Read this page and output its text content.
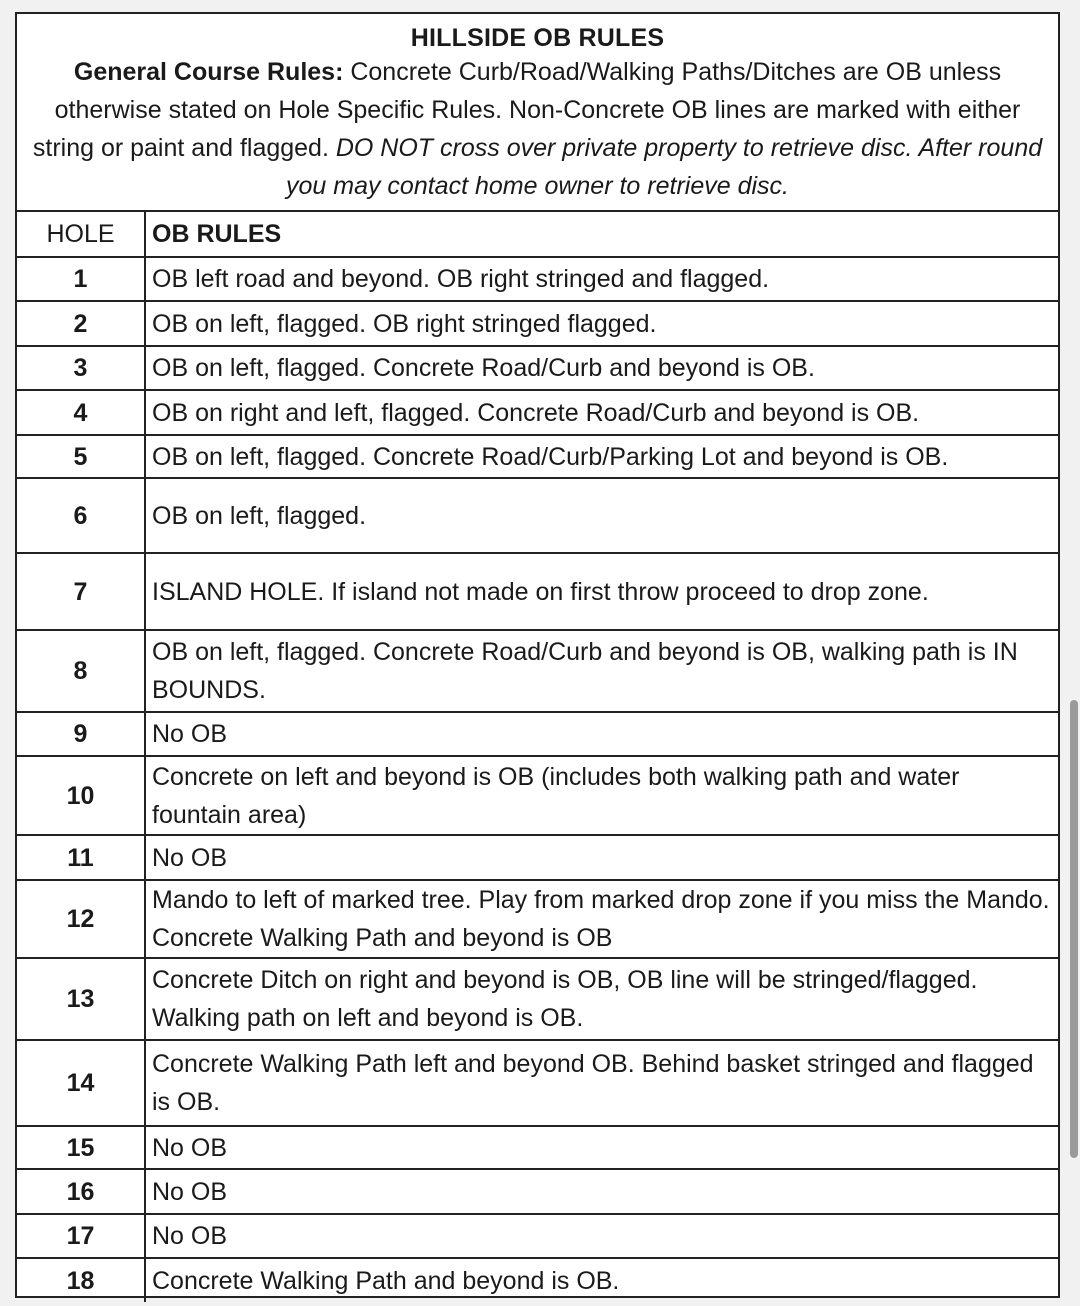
HILLSIDE OB RULES
General Course Rules: Concrete Curb/Road/Walking Paths/Ditches are OB unless otherwise stated on Hole Specific Rules. Non-Concrete OB lines are marked with either string or paint and flagged. DO NOT cross over private property to retrieve disc. After round you may contact home owner to retrieve disc.
HOLE	OB RULES
1	OB left road and beyond. OB right stringed and flagged.
2	OB on left, flagged. OB right stringed flagged.
3	OB on left, flagged. Concrete Road/Curb and beyond is OB.
4	OB on right and left, flagged. Concrete Road/Curb and beyond is OB.
5	OB on left, flagged. Concrete Road/Curb/Parking Lot and beyond is OB.
6	OB on left, flagged.
7	ISLAND HOLE. If island not made on first throw proceed to drop zone.
8	OB on left, flagged. Concrete Road/Curb and beyond is OB, walking path is IN BOUNDS.
9	No OB
10	Concrete on left and beyond is OB (includes both walking path and water fountain area)
11	No OB
12	Mando to left of marked tree. Play from marked drop zone if you miss the Mando. Concrete Walking Path and beyond is OB
13	Concrete Ditch on right and beyond is OB, OB line will be stringed/flagged. Walking path on left and beyond is OB.
14	Concrete Walking Path left and beyond OB. Behind basket stringed and flagged is OB.
15	No OB
16	No OB
17	No OB
18	Concrete Walking Path and beyond is OB.
